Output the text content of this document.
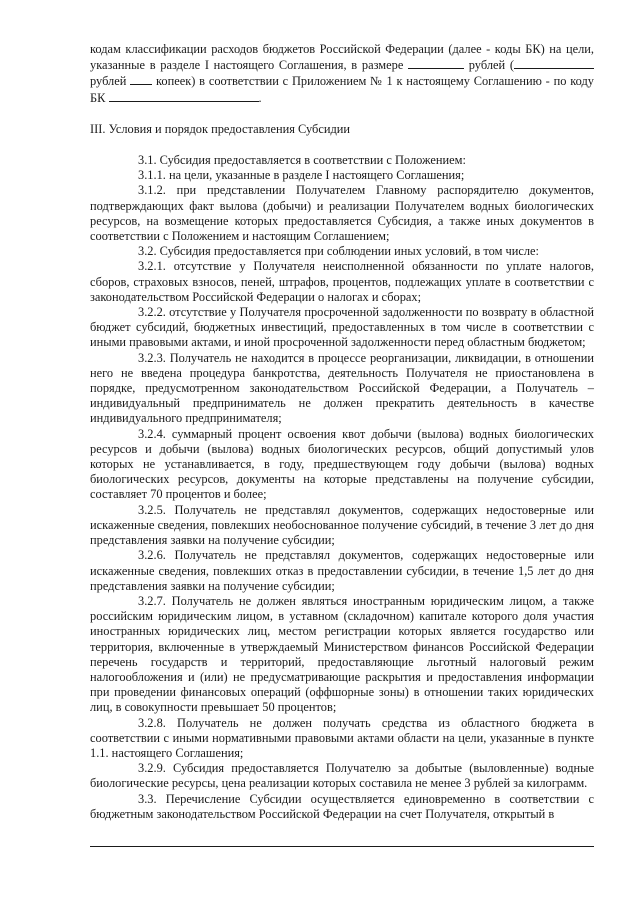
кодам классификации расходов бюджетов Российской Федерации (далее - коды БК) на цели, указанные в разделе I настоящего Соглашения, в размере	рублей ( рублей копеек) в соответствии с Приложением № 1 к настоящему Соглашению - по коду БК	.

III. Условия и порядок предоставления Субсидии

3.1. Субсидия предоставляется в соответствии с Положением:

3.1.1. на цели, указанные в разделе I настоящего Соглашения;

3.1.2. при представлении Получателем Главному распорядителю документов, подтверждающих факт вылова (добычи) и реализации Получателем водных биологических ресурсов, на возмещение которых предоставляется Субсидия, а также иных документов в соответствии с Положением и настоящим Соглашением;

3.2. Субсидия предоставляется при соблюдении иных условий, в том числе:

3.2.1. отсутствие у Получателя неисполненной обязанности по уплате налогов, сборов, страховых взносов, пеней, штрафов, процентов, подлежащих уплате в соответствии с законодательством Российской Федерации о налогах и сборах;

3.2.2. отсутствие у Получателя просроченной задолженности по возврату в областной бюджет субсидий, бюджетных инвестиций, предоставленных в том числе в соответствии с иными правовыми актами, и иной просроченной задолженности перед областным бюджетом;

3.2.3. Получатель не находится в процессе реорганизации, ликвидации, в отношении него не введена процедура банкротства, деятельность Получателя не приостановлена в порядке, предусмотренном законодательством Российской Федерации, а Получатель – индивидуальный предприниматель не должен прекратить деятельность в качестве индивидуального предпринимателя;

3.2.4. суммарный процент освоения квот добычи (вылова) водных биологических ресурсов и добычи (вылова) водных биологических ресурсов, общий допустимый улов которых не устанавливается, в году, предшествующем году добычи (вылова) водных биологических ресурсов, документы на которые представлены на получение субсидии, составляет 70 процентов и более;

3.2.5. Получатель не представлял документов, содержащих недостоверные или искаженные сведения, повлекших необоснованное получение субсидий, в течение 3 лет до дня представления заявки на получение субсидии;

3.2.6. Получатель не представлял документов, содержащих недостоверные или искаженные сведения, повлекших отказ в предоставлении субсидии, в течение 1,5 лет до дня представления заявки на получение субсидии;

3.2.7. Получатель не должен являться иностранным юридическим лицом, а также российским юридическим лицом, в уставном (складочном) капитале которого доля участия иностранных юридических лиц, местом регистрации которых является государство или территория, включенные в утверждаемый Министерством финансов Российской Федерации перечень государств и территорий, предоставляющие льготный налоговый режим налогообложения и (или) не предусматривающие раскрытия и предоставления информации при проведении финансовых операций (оффшорные зоны) в отношении таких юридических лиц, в совокупности превышает 50 процентов;

3.2.8. Получатель не должен получать средства из областного бюджета в соответствии с иными нормативными правовыми актами области на цели, указанные в пункте 1.1. настоящего Соглашения;

3.2.9. Субсидия предоставляется Получателю за добытые (выловленные) водные биологические ресурсы, цена реализации которых составила не менее 3 рублей за килограмм.

3.3. Перечисление Субсидии осуществляется единовременно в соответствии с бюджетным законодательством Российской Федерации на счет Получателя, открытый в
